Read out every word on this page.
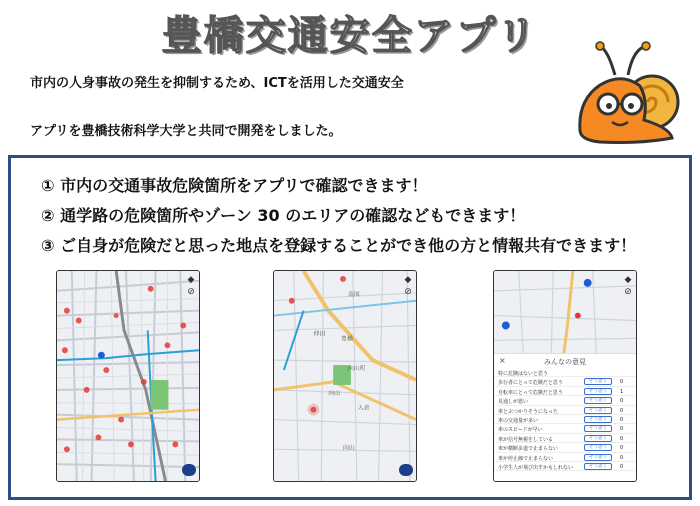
豊橋交通安全アプリ
市内の人身事故の発生を抑制するため、ICTを活用した交通安全
アプリを豊橋技術科学大学と共同で開発をしました。
① 市内の交通事故危険箇所をアプリで確認できます！
② 通学路の危険箇所やゾーン 30 のエリアの確認などもできます！
③ ご自身が危険だと思った地点を登録することができ他の方と情報共有できます！
◆
⊘	南図
伸田
豊橋
向山町
向山
入倉
向山
◆
⊘
◆
⊘
×	みんなの意見
特に危険はないと思う
歩行者にとって危険だと思う	そう思う	0
自転車にとって危険だと思う	そう思う	1
見通しが悪い	そう思う	0
車とぶつかりそうになった	そう思う	0
車の交通量が多い	そう思う	0
車のスピードが早い	そう思う	0
車が信号無視をしている	そう思う	0
車が横断歩道で止まらない	そう思う	0
車が停止線で止まらない	そう思う	0
小学生人が飛び出すかもしれない	そう思う	0
